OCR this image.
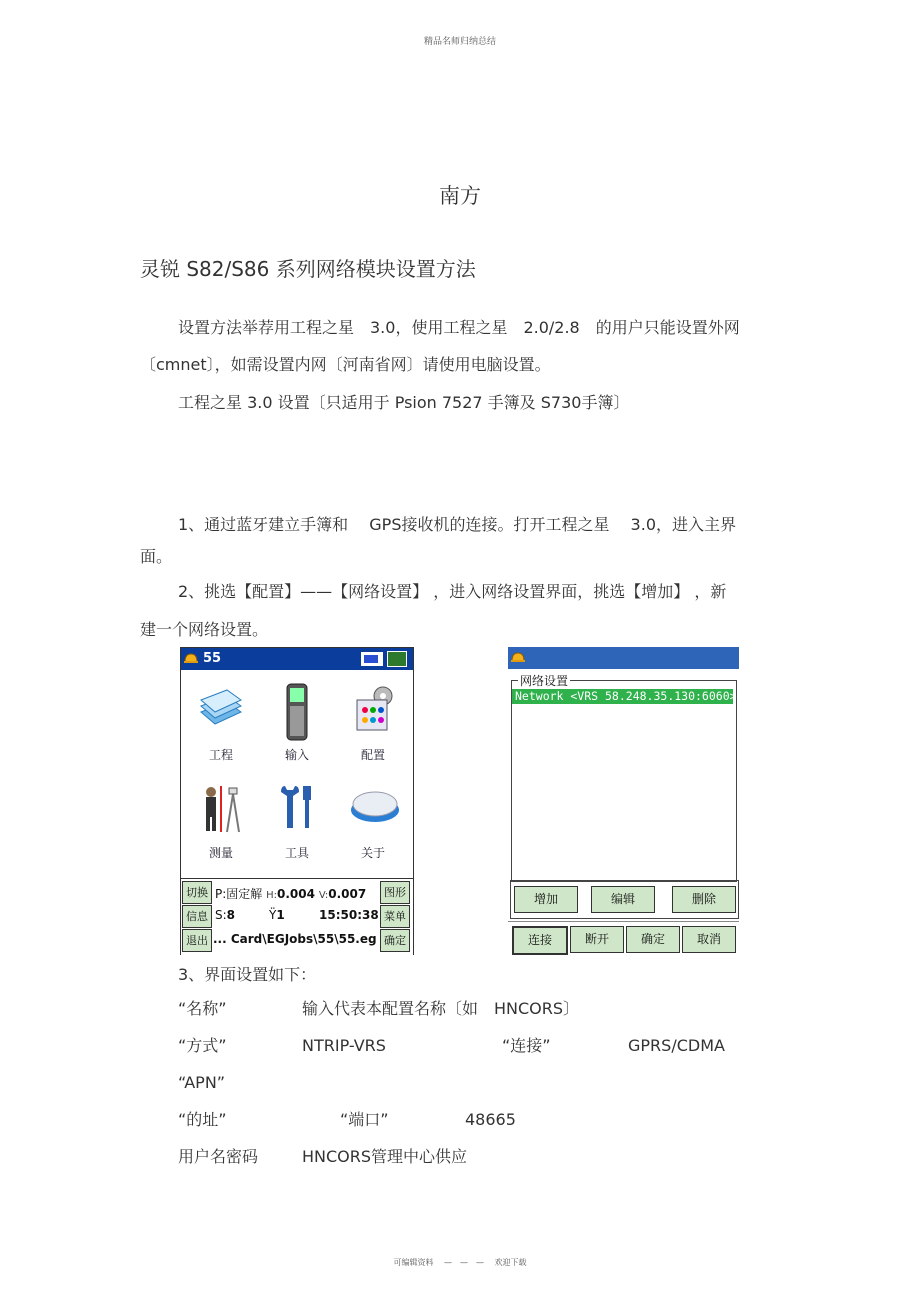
精品名师归纳总结
南方
灵锐 S82/S86 系列网络模块设置方法
设置方法举荐用工程之星　3.0，使用工程之星　2.0/2.8　的用户只能设置外网
〔cmnet〕，如需设置内网〔河南省网〕请使用电脑设置。
工程之星 3.0 设置〔只适用于 Psion 7527 手簿及 S730手簿〕
1、通过蓝牙建立手簿和　 GPS接收机的连接。打开工程之星　 3.0，进入主界
面。
2、挑选【配置】——【网络设置】 ，进入网络设置界面，挑选【增加】 ，新
建一个网络设置。
55
工程	输入	配置
测量	工具	关于
切换
信息
退出
图形
菜单
确定
P:固定解 H:0.004 V:0.007
S:8	Ÿ1	15:50:38
... Card\EGJobs\55\55.eg
网络设置
Network <VRS 58.248.35.130:6060>
增加	编辑	删除
连接	断开	确定	取消
3、界面设置如下：
“名称”	输入代表本配置名称〔如　HNCORS〕
“方式”	NTRIP-VRS	“连接”	GPRS/CDMA
“APN”
“的址”	“端口”	48665
用户名密码	HNCORS管理中心供应
可编辑资料 　—　—　—　 欢迎下载
